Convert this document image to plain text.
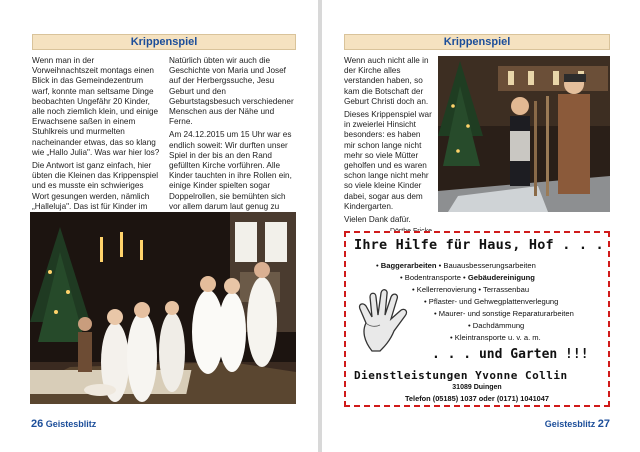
Krippenspiel

Wenn man in der Vorweihnachtszeit montags einen Blick in das Gemeindezentrum warf, konnte man seltsame Dinge beobachten Ungefähr 20 Kinder, alle noch ziemlich klein, und einige Erwachsene saßen in einem Stuhlkreis und murmelten nacheinander etwas, das so klang wie „Hallo Julia". Was war hier los?

Die Antwort ist ganz einfach, hier übten die Kleinen das Krippenspiel und es musste ein schwieriges Wort gesungen werden, nämlich „Halleluja". Das ist für Kinder im

Natürlich übten wir auch die Geschichte von Maria und Josef auf der Herbergssuche, Jesu Geburt und den Geburtstagsbesuch verschiedener Menschen aus der Nähe und Ferne.

Am 24.12.2015 um 15 Uhr war es endlich soweit: Wir durften unser Spiel in der bis an den Rand gefüllten Kirche vorführen. Alle Kinder tauchten in ihre Rollen ein, einige Kinder spielten sogar Doppelrollen, sie bemühten sich vor allem darum laut genug zu

26 Geistesblitz
Krippenspiel

Wenn auch nicht alle in der Kirche alles verstanden haben, so kam die Botschaft der Geburt Christi doch an.

Dieses Krippenspiel war in zweierlei Hinsicht besonders: es haben mir schon lange nicht mehr so viele Mütter geholfen und es waren schon lange nicht mehr so viele kleine Kinder dabei, sogar aus dem Kindergarten.

Vielen Dank dafür.

Geistesblitz 27
Ihre Hilfe für Haus, Hof . . .
• Baggerarbeiten • Bauausbesserungsarbeiten
• Bodentransporte • Gebäudereinigung
• Kellerrenovierung • Terrassenbau
• Pflaster- und Gehwegplattenverlegung
• Maurer- und sonstige Reparaturarbeiten
• Dachdämmung
• Kleintransporte u. v. a. m.
. . . und Garten !!!
Dienstleistungen Yvonne Collin
31089 Duingen
Telefon (05185) 1037 oder (0171) 1041047
